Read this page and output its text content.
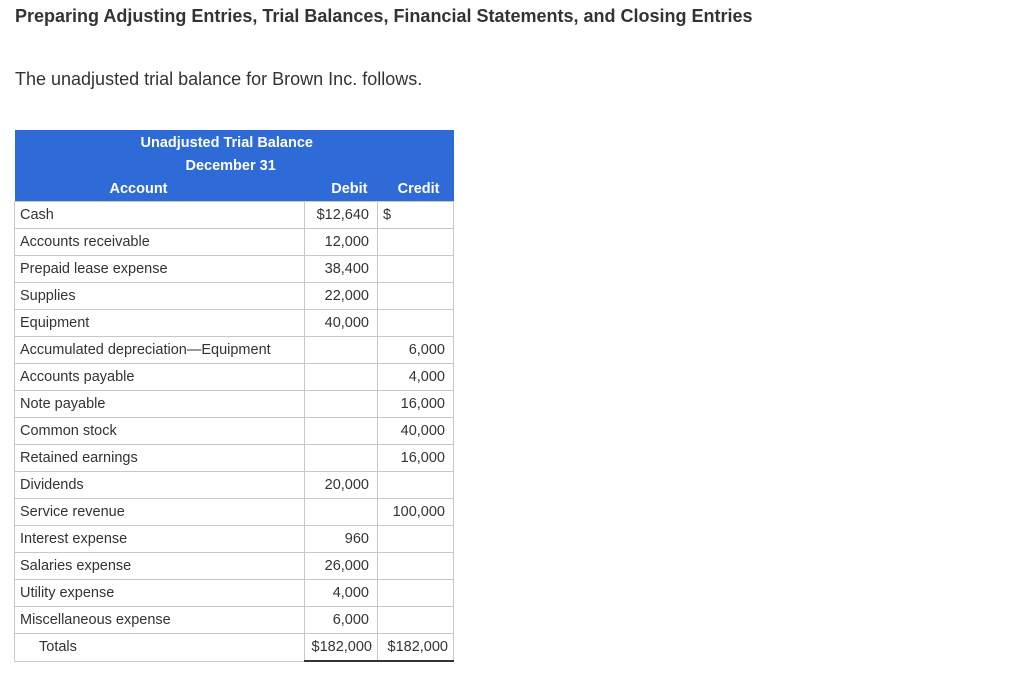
Preparing Adjusting Entries, Trial Balances, Financial Statements, and Closing Entries
The unadjusted trial balance for Brown Inc. follows.
Unadjusted Trial Balance		
December 31		
Account	Debit	Credit
Cash	$12,640	$
Accounts receivable	12,000	
Prepaid lease expense	38,400	
Supplies	22,000	
Equipment	40,000	
Accumulated depreciation—Equipment		6,000
Accounts payable		4,000
Note payable		16,000
Common stock		40,000
Retained earnings		16,000
Dividends	20,000	
Service revenue		100,000
Interest expense	960	
Salaries expense	26,000	
Utility expense	4,000	
Miscellaneous expense	6,000	
Totals	$182,000	$182,000
